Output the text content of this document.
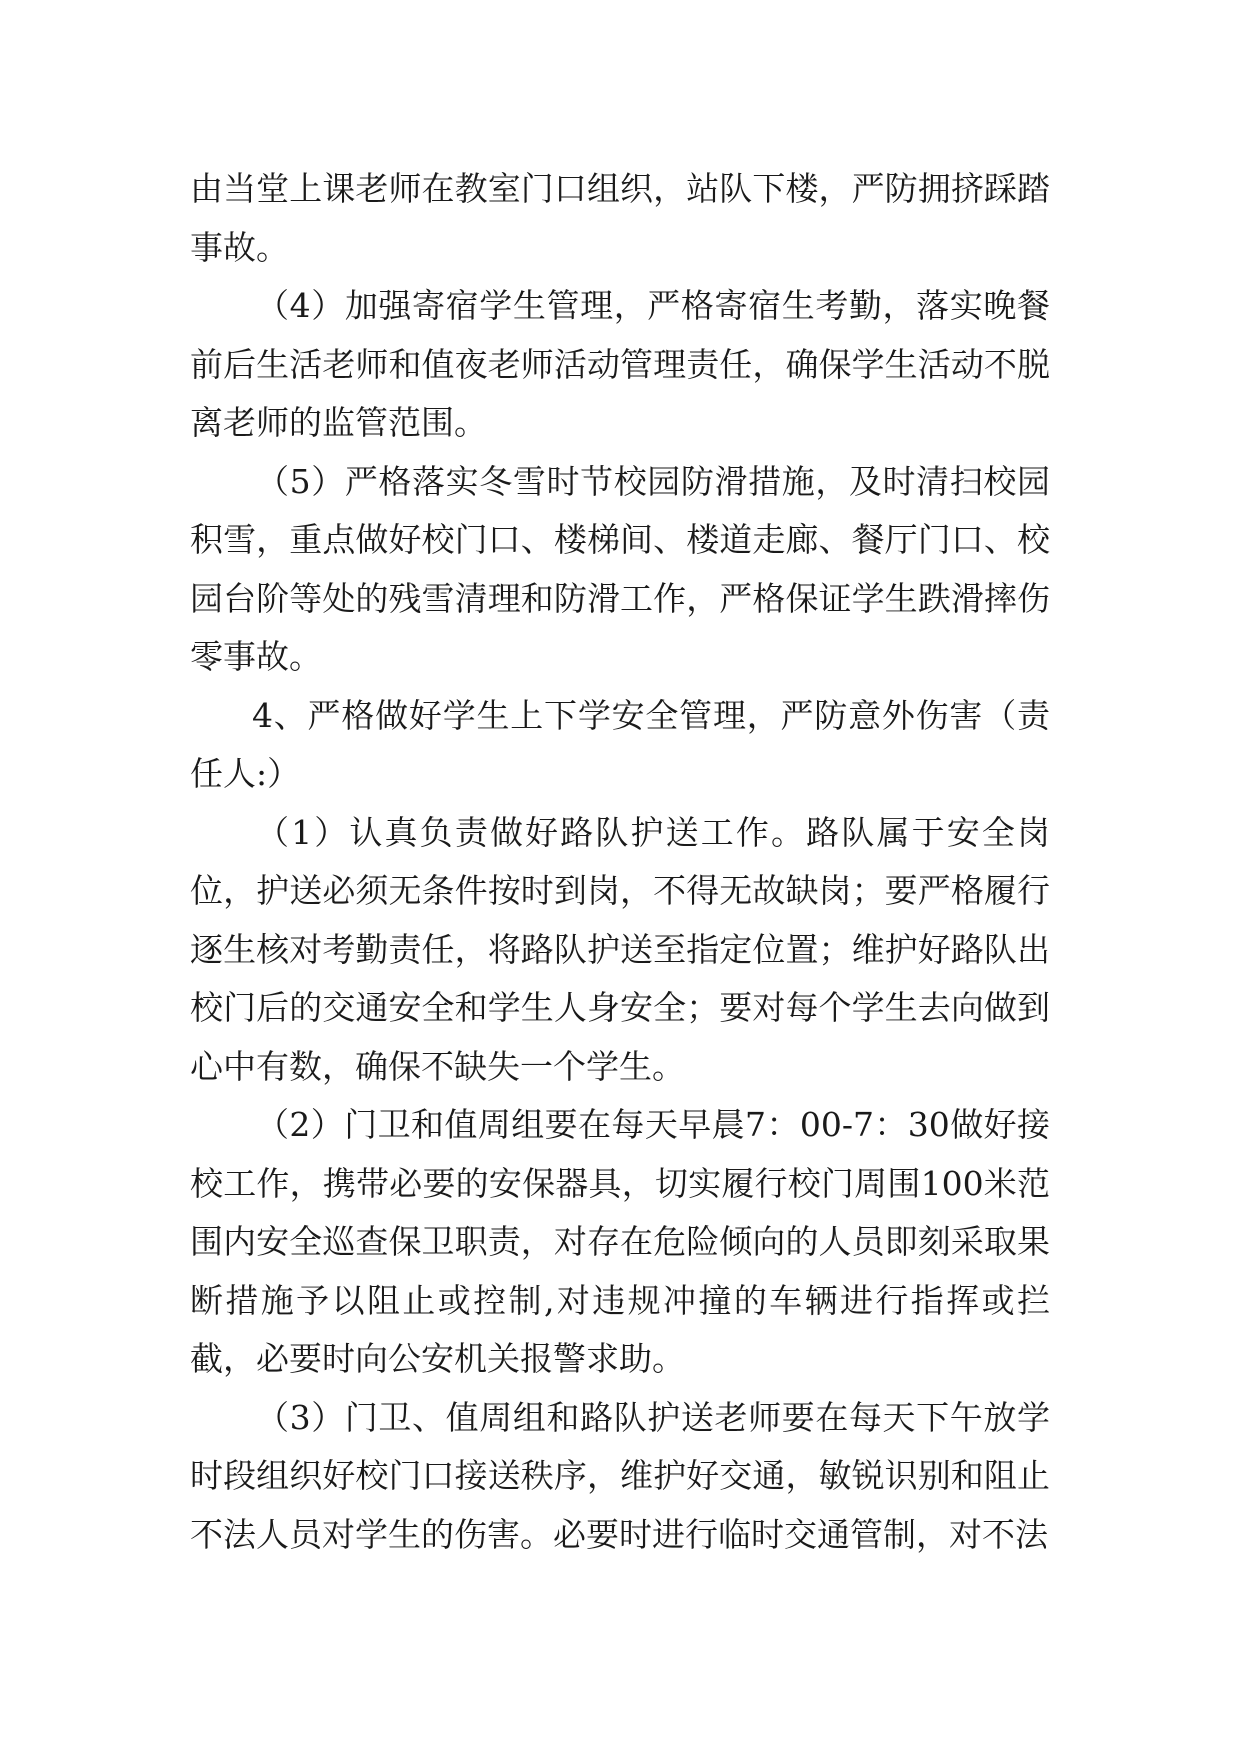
由当堂上课老师在教室门口组织，站队下楼，严防拥挤踩踏事故。

（4）加强寄宿学生管理，严格寄宿生考勤，落实晚餐前后生活老师和值夜老师活动管理责任，确保学生活动不脱离老师的监管范围。

（5）严格落实冬雪时节校园防滑措施，及时清扫校园积雪，重点做好校门口、楼梯间、楼道走廊、餐厅门口、校园台阶等处的残雪清理和防滑工作，严格保证学生跌滑摔伤零事故。

4、严格做好学生上下学安全管理，严防意外伤害（责任人:）

（1）认真负责做好路队护送工作。路队属于安全岗位，护送必须无条件按时到岗，不得无故缺岗；要严格履行逐生核对考勤责任，将路队护送至指定位置；维护好路队出校门后的交通安全和学生人身安全；要对每个学生去向做到心中有数，确保不缺失一个学生。

（2）门卫和值周组要在每天早晨7：00-7：30做好接校工作，携带必要的安保器具，切实履行校门周围100米范围内安全巡查保卫职责，对存在危险倾向的人员即刻采取果断措施予以阻止或控制,对违规冲撞的车辆进行指挥或拦截，必要时向公安机关报警求助。

（3）门卫、值周组和路队护送老师要在每天下午放学时段组织好校门口接送秩序，维护好交通，敏锐识别和阻止不法人员对学生的伤害。必要时进行临时交通管制，对不法
